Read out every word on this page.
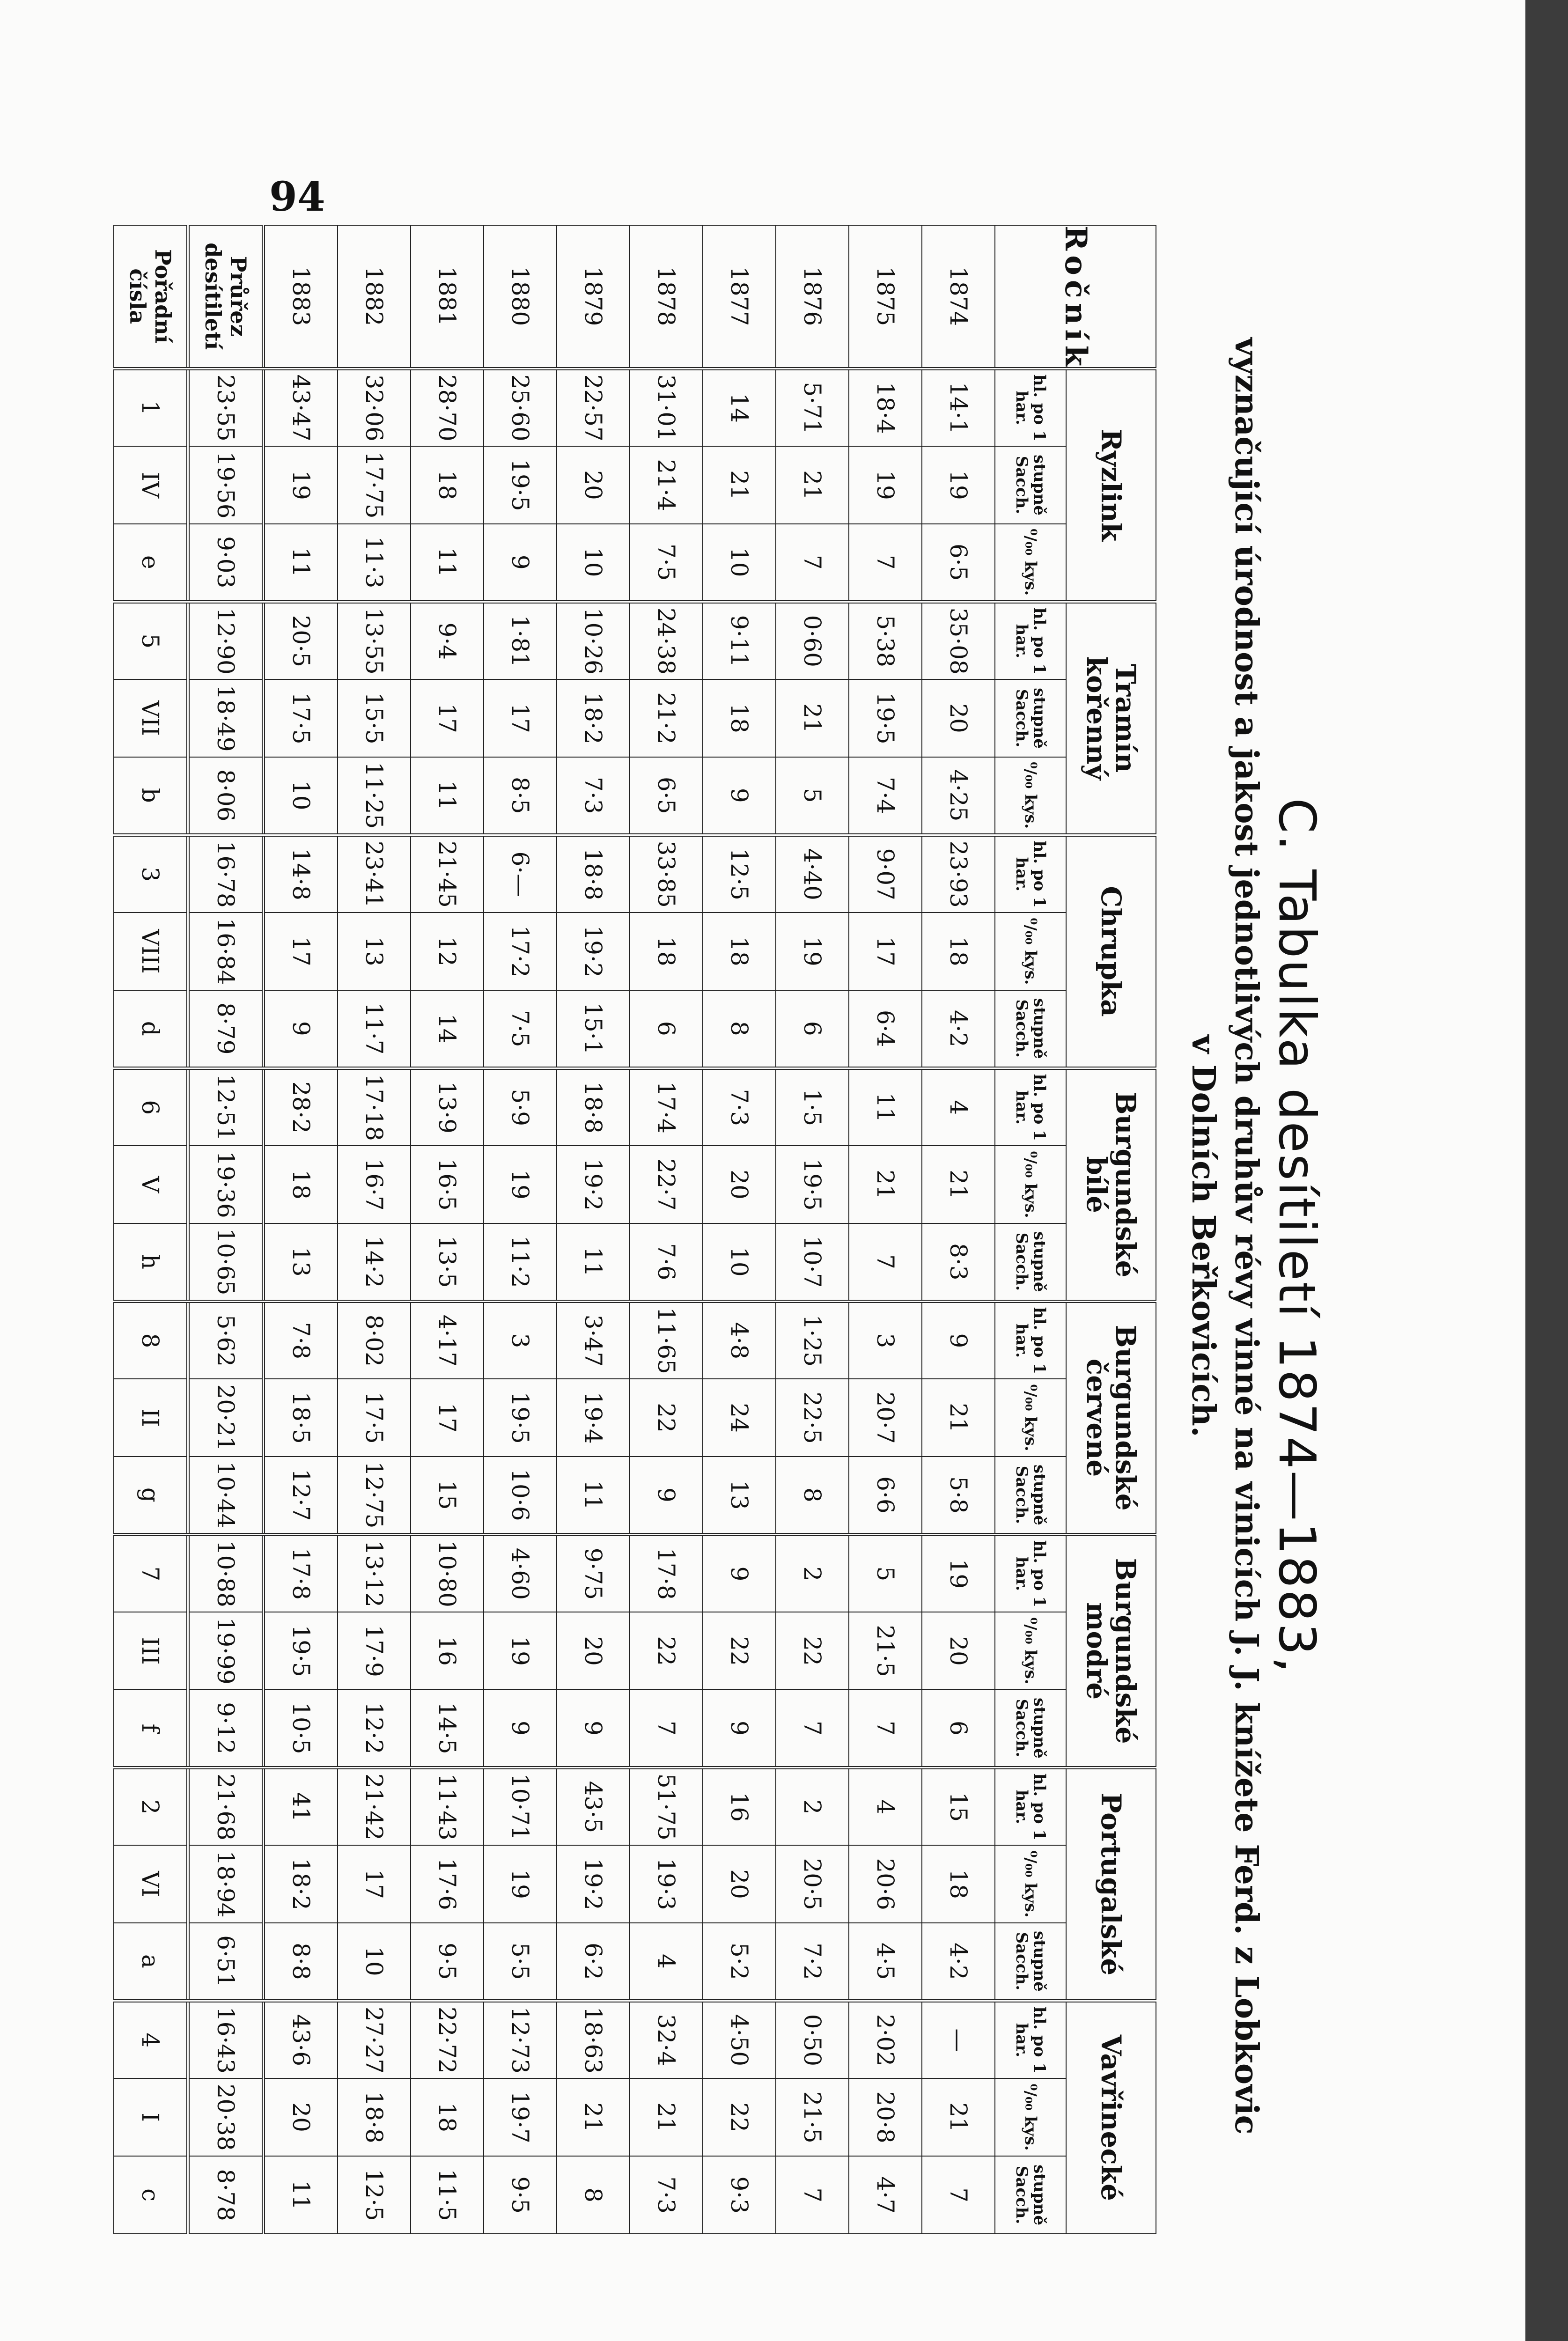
94
C. Tabulka desítiletí 1874—1883,
vyznačující úrodnost a jakost jednotlivých druhův révy vinné na vinicích J. J. knížete Ferd. z Lobkovic
v Dolních Beřkovicích.
Ročník	Ryzlink			Tramín kořenný			Chrupka			Burgundské bílé			Burgundské červené			Burgundské modré			Portugalské			Vavřinecké		
	hl. po 1 har.	stupně Sacch.	⁰/₀₀ kys.	hl. po 1 har.	stupně Sacch.	⁰/₀₀ kys.	hl. po 1 har.	⁰/₀₀ kys.	stupně Sacch.	hl. po 1 har.	⁰/₀₀ kys.	stupně Sacch.	hl. po 1 har.	⁰/₀₀ kys.	stupně Sacch.	hl. po 1 har.	⁰/₀₀ kys.	stupně Sacch.	hl. po 1 har.	⁰/₀₀ kys.	stupně Sacch.	hl. po 1 har.	⁰/₀₀ kys.	stupně Sacch.
1874	14·1	19	6·5	35·08	20	4·25	23·93	18	4·2	4	21	8·3	9	21	5·8	19	20	6	15	18	4·2	—	21	7
1875	18·4	19	7	5·38	19·5	7·4	9·07	17	6·4	11	21	7	3	20·7	6·6	5	21·5	7	4	20·6	4·5	2·02	20·8	4·7
1876	5·71	21	7	0·60	21	5	4·40	19	6	1·5	19·5	10·7	1·25	22·5	8	2	22	7	2	20·5	7·2	0·50	21·5	7
1877	14	21	10	9·11	18	9	12·5	18	8	7·3	20	10	4·8	24	13	9	22	9	16	20	5·2	4·50	22	9·3
1878	31·01	21·4	7·5	24·38	21·2	6·5	33·85	18	6	17·4	22·7	7·6	11·65	22	9	17·8	22	7	51·75	19·3	4	32·4	21	7·3
1879	22·57	20	10	10·26	18·2	7·3	18·8	19·2	15·1	18·8	19·2	11	3·47	19·4	11	9·75	20	9	43·5	19·2	6·2	18·63	21	8
1880	25·60	19·5	9	1·81	17	8·5	6·—	17·2	7·5	5·9	19	11·2	3	19·5	10·6	4·60	19	9	10·71	19	5·5	12·73	19·7	9·5
1881	28·70	18	11	9·4	17	11	21·45	12	14	13·9	16·5	13·5	4·17	17	15	10·80	16	14·5	11·43	17·6	9·5	22·72	18	11·5
1882	32·06	17·75	11·3	13·55	15·5	11·25	23·41	13	11·7	17·18	16·7	14·2	8·02	17·5	12·75	13·12	17·9	12·2	21·42	17	10	27·27	18·8	12·5
1883	43·47	19	11	20·5	17·5	10	14·8	17	9	28·2	18	13	7·8	18·5	12·7	17·8	19·5	10·5	41	18·2	8·8	43·6	20	11
Průřez desítiletí	23·55	19·56	9·03	12·90	18·49	8·06	16·78	16·84	8·79	12·51	19·36	10·65	5·62	20·21	10·44	10·88	19·99	9·12	21·68	18·94	6·51	16·43	20·38	8·78
Pořadní čísla	1	IV	e	5	VII	b	3	VIII	d	6	V	h	8	II	g	7	III	f	2	VI	a	4	I	c
